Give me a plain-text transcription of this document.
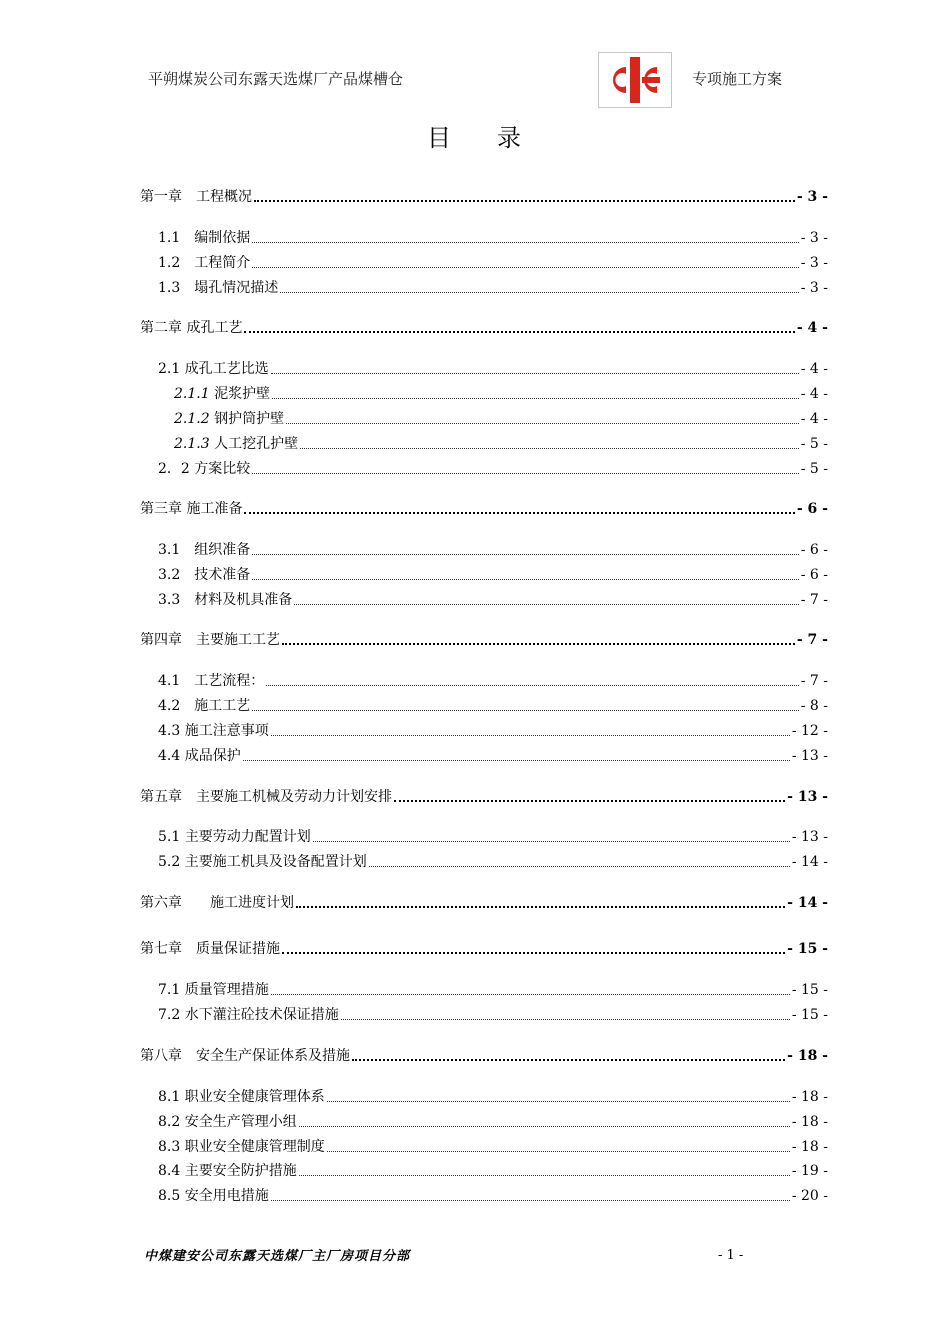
平朔煤炭公司东露天选煤厂产品煤槽仓	专项施工方案
目 录
第一章　工程概况	- 3 -
1.1　编制依据	- 3 -
1.2　工程简介	- 3 -
1.3　塌孔情况描述	- 3 -
第二章 成孔工艺	- 4 -
2.1 成孔工艺比选	- 4 -
2.1.1 泥浆护壁	- 4 -
2.1.2 钢护筒护壁	- 4 -
2.1.3 人工挖孔护壁	- 5 -
2．2 方案比较	- 5 -
第三章 施工准备	- 6 -
3.1　组织准备	- 6 -
3.2　技术准备	- 6 -
3.3　材料及机具准备	- 7 -
第四章　主要施工工艺	- 7 -
4.1　工艺流程：	- 7 -
4.2　施工工艺	- 8 -
4.3 施工注意事项	- 12 -
4.4 成品保护	- 13 -
第五章　主要施工机械及劳动力计划安排	- 13 -
5.1 主要劳动力配置计划	- 13 -
5.2 主要施工机具及设备配置计划	- 14 -
第六章　　施工进度计划	- 14 -
第七章　质量保证措施	- 15 -
7.1 质量管理措施	- 15 -
7.2 水下灌注砼技术保证措施	- 15 -
第八章　安全生产保证体系及措施	- 18 -
8.1 职业安全健康管理体系	- 18 -
8.2 安全生产管理小组	- 18 -
8.3 职业安全健康管理制度	- 18 -
8.4 主要安全防护措施	- 19 -
8.5 安全用电措施	- 20 -
中煤建安公司东露天选煤厂主厂房项目分部	- 1 -
